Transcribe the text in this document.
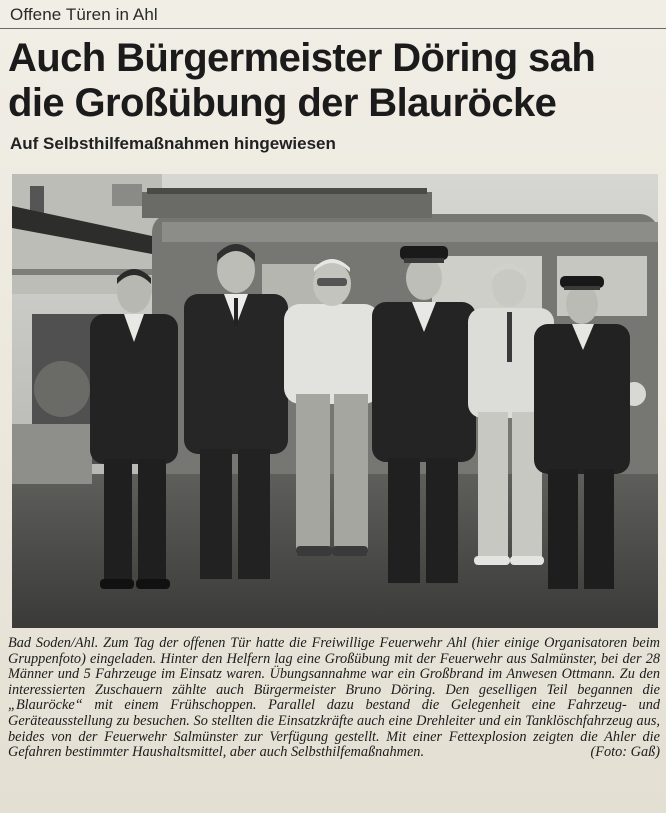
Offene Türen in Ahl
Auch Bürgermeister Döring sah
die Großübung der Blauröcke
Auf Selbsthilfemaßnahmen hingewiesen

Bad Soden/Ahl. Zum Tag der offenen Tür hatte die Freiwillige Feuerwehr Ahl (hier einige Organisatoren beim Gruppenfoto) eingeladen. Hinter den Helfern lag eine Großübung mit der Feuerwehr aus Salmünster, bei der 28 Männer und 5 Fahrzeuge im Einsatz waren. Übungsannahme war ein Großbrand im Anwesen Ottmann. Zu den interessierten Zuschauern zählte auch Bürgermeister Bruno Döring. Den geselligen Teil begannen die „Blauröcke“ mit einem Frühschoppen. Parallel dazu bestand die Gelegenheit eine Fahrzeug- und Geräteausstellung zu besuchen. So stellten die Einsatzkräfte auch eine Drehleiter und ein Tanklöschfahrzeug aus, beides von der Feuerwehr Salmünster zur Verfügung gestellt. Mit einer Fettexplosion zeigten die Ahler die Gefahren bestimmter Haushaltsmittel, aber auch Selbsthilfemaßnahmen.	(Foto: Gaß)
